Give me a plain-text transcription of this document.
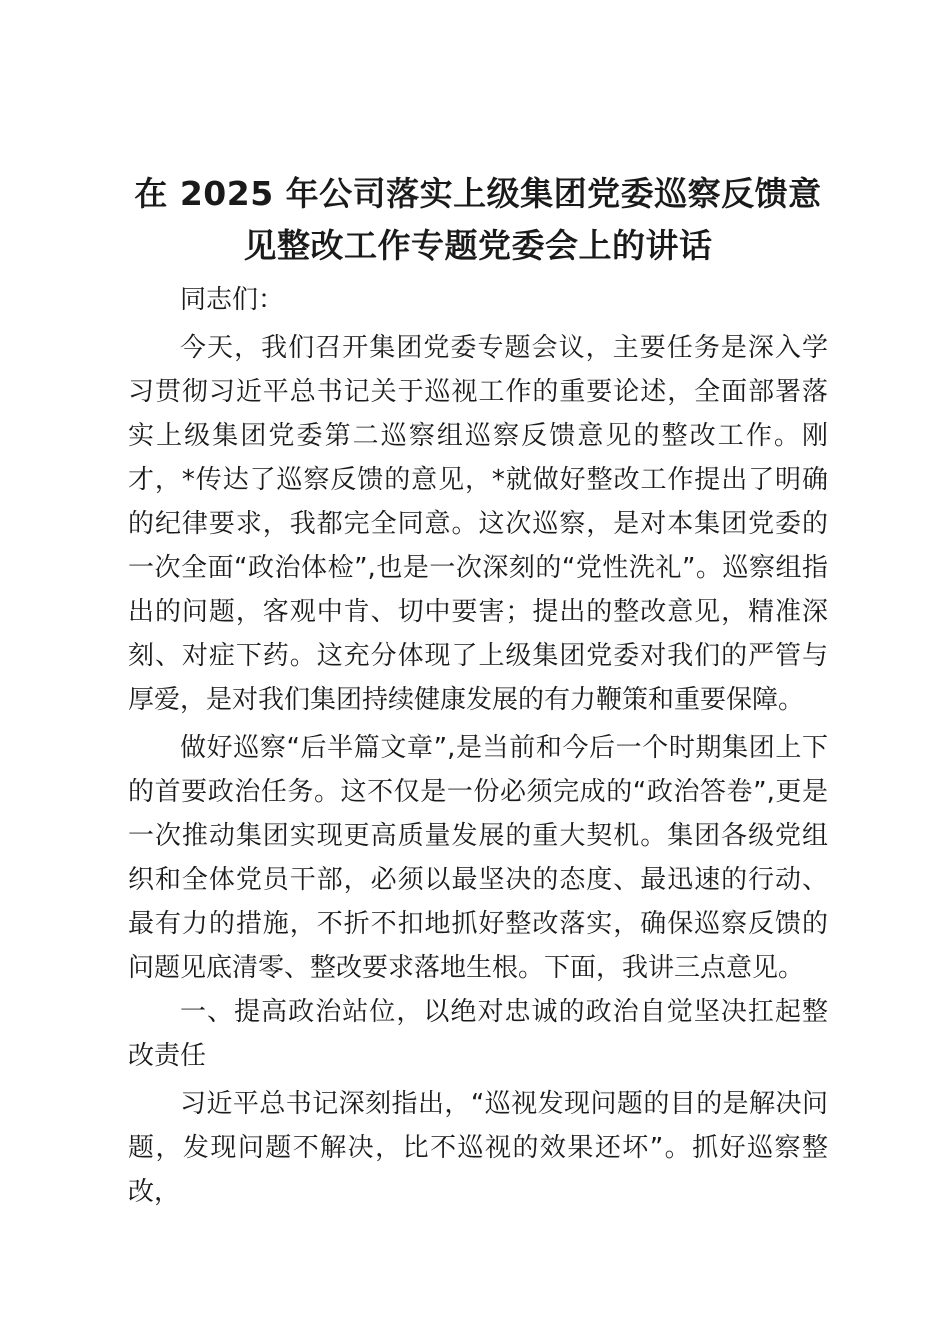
在 2025 年公司落实上级集团党委巡察反馈意
见整改工作专题党委会上的讲话

同志们：

今天，我们召开集团党委专题会议，主要任务是深入学习贯彻习近平总书记关于巡视工作的重要论述，全面部署落实上级集团党委第二巡察组巡察反馈意见的整改工作。刚才，*传达了巡察反馈的意见，*就做好整改工作提出了明确的纪律要求，我都完全同意。这次巡察，是对本集团党委的一次全面“政治体检”,也是一次深刻的“党性洗礼”。巡察组指出的问题，客观中肯、切中要害；提出的整改意见，精准深刻、对症下药。这充分体现了上级集团党委对我们的严管与厚爱，是对我们集团持续健康发展的有力鞭策和重要保障。

做好巡察“后半篇文章”,是当前和今后一个时期集团上下的首要政治任务。这不仅是一份必须完成的“政治答卷”,更是一次推动集团实现更高质量发展的重大契机。集团各级党组织和全体党员干部，必须以最坚决的态度、最迅速的行动、最有力的措施，不折不扣地抓好整改落实，确保巡察反馈的问题见底清零、整改要求落地生根。下面，我讲三点意见。

一、提高政治站位，以绝对忠诚的政治自觉坚决扛起整改责任

习近平总书记深刻指出，“巡视发现问题的目的是解决问题，发现问题不解决，比不巡视的效果还坏”。抓好巡察整改，
